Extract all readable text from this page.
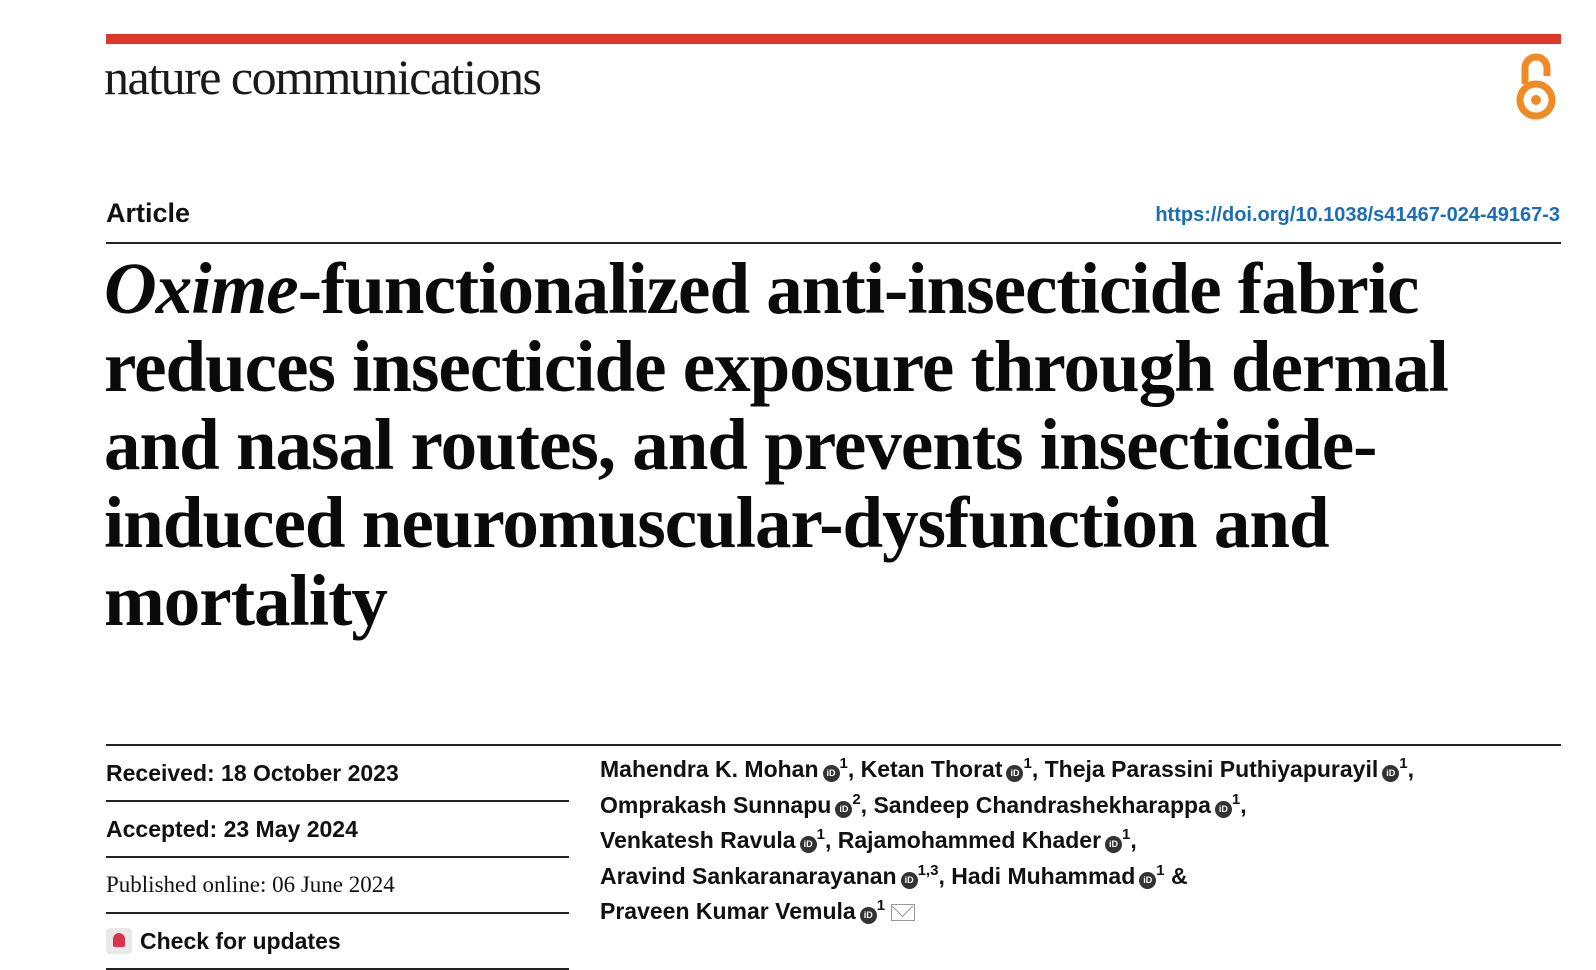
nature communications
Article	https://doi.org/10.1038/s41467-024-49167-3
Oxime-functionalized anti-insecticide fabric reduces insecticide exposure through dermal and nasal routes, and prevents insecticide-induced neuromuscular-dysfunction and mortality
Received: 18 October 2023
Accepted: 23 May 2024
Published online: 06 June 2024
Check for updates
Mahendra K. Mohan $iD^1$, Ketan Thorat $iD^1$, Theja Parassini Puthiyapurayil $iD^1$,
Omprakash Sunnapu $iD^2$, Sandeep Chandrashekharappa $iD^1$,
Venkatesh Ravula $iD^1$, Rajamohammed Khader $iD^1$,
Aravind Sankaranarayanan iD$^{1,3}$, Hadi Muhammad $iD^1$ &
Praveen Kumar Vemula $iD^1$
